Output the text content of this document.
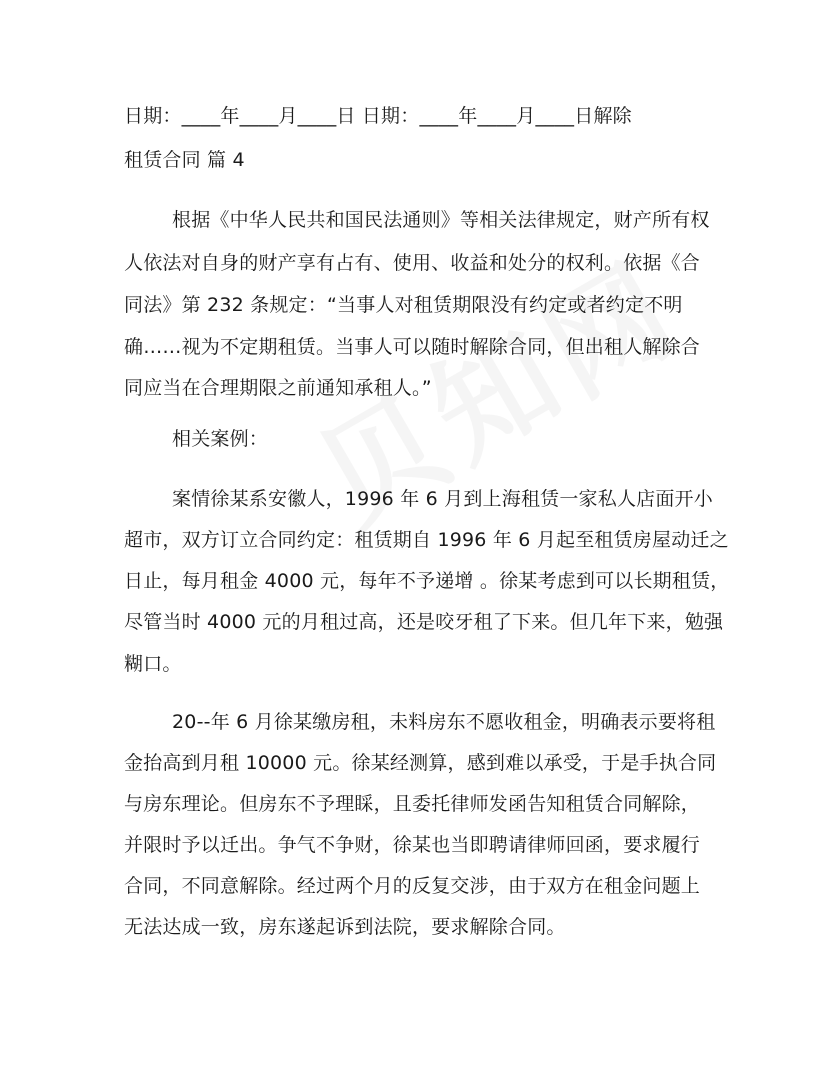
日期：____年____月____日 日期：____年____月____日解除
租赁合同 篇 4
根据《中华人民共和国民法通则》等相关法律规定，财产所有权
人依法对自身的财产享有占有、使用、收益和处分的权利。依据《合
同法》第 232 条规定：“当事人对租赁期限没有约定或者约定不明
确……视为不定期租赁。当事人可以随时解除合同，但出租人解除合
同应当在合理期限之前通知承租人。”
相关案例：
案情徐某系安徽人，1996 年 6 月到上海租赁一家私人店面开小
超市，双方订立合同约定：租赁期自 1996 年 6 月起至租赁房屋动迁之
日止，每月租金 4000 元，每年不予递增 。徐某考虑到可以长期租赁，
尽管当时 4000 元的月租过高，还是咬牙租了下来。但几年下来，勉强
糊口。
20--年 6 月徐某缴房租，未料房东不愿收租金，明确表示要将租
金抬高到月租 10000 元。徐某经测算，感到难以承受，于是手执合同
与房东理论。但房东不予理睬，且委托律师发函告知租赁合同解除，
并限时予以迁出。争气不争财，徐某也当即聘请律师回函，要求履行
合同，不同意解除。经过两个月的反复交涉，由于双方在租金问题上
无法达成一致，房东遂起诉到法院，要求解除合同。
